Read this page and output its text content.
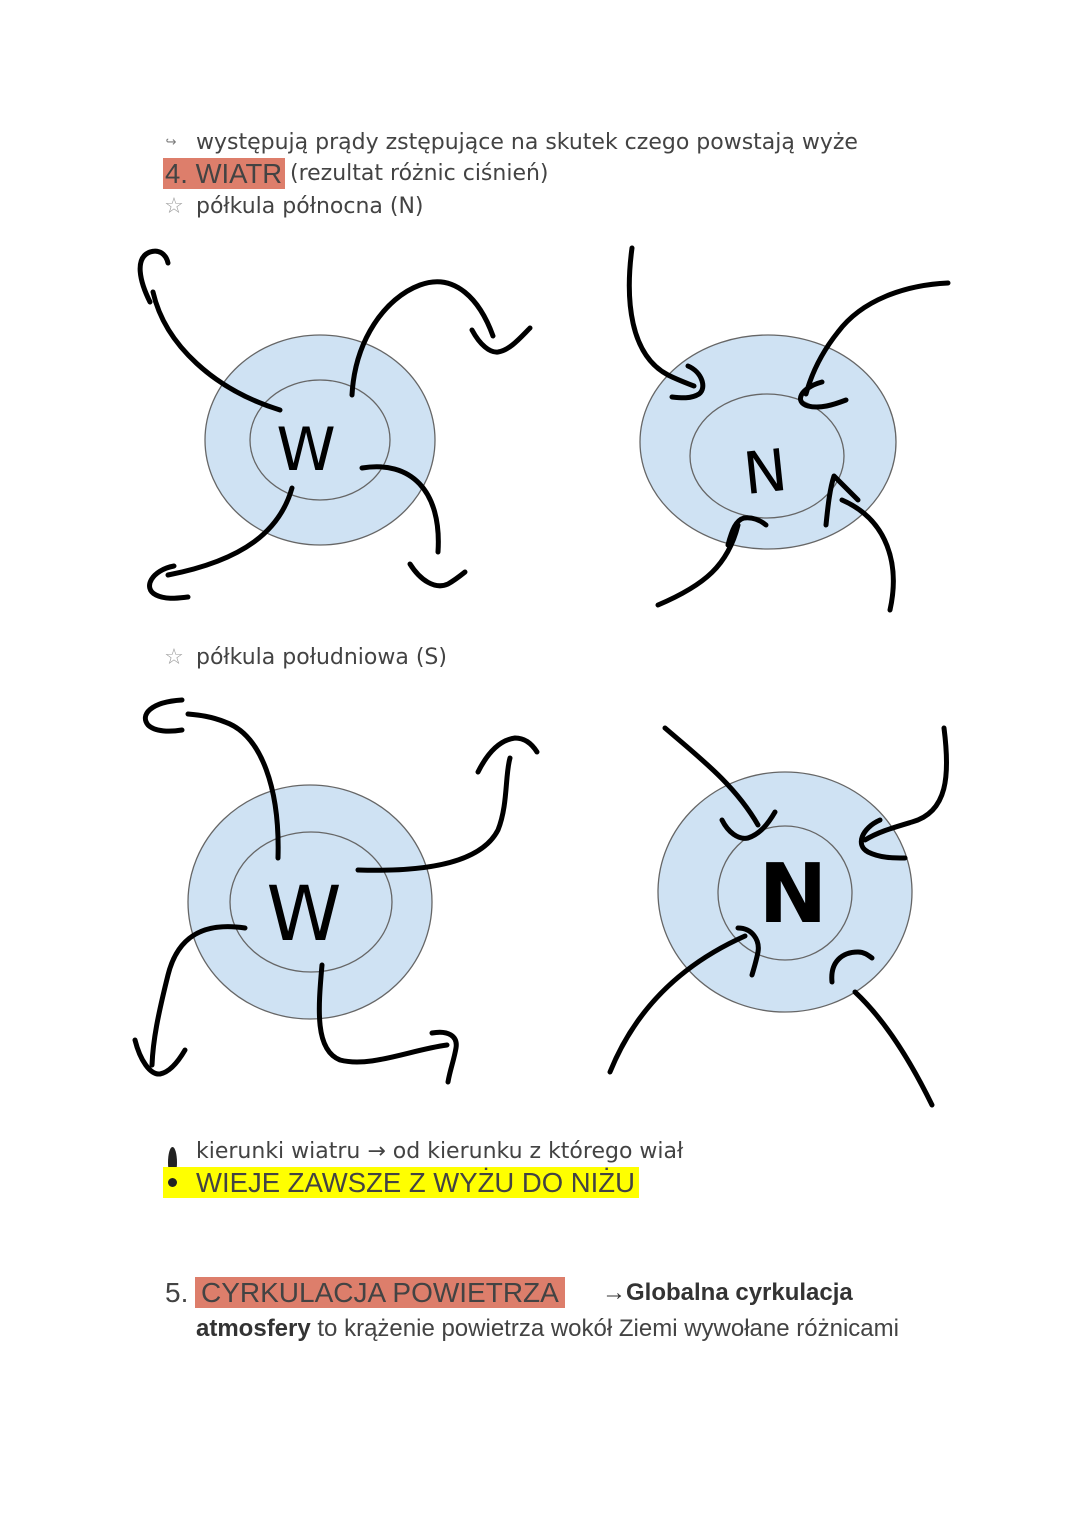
↪ występują prądy zstępujące na skutek czego powstają wyże
4. WIATR (rezultat różnic ciśnień)
☆ półkula północna (N)
☆ półkula południowa (S)
W	N
W	N
kierunki wiatru → od kierunku z którego wiał
WIEJE ZAWSZE Z WYŻU DO NIŻU
5. CYRKULACJA POWIETRZA →Globalna cyrkulacja
atmosfery to krążenie powietrza wokół Ziemi wywołane różnicami
